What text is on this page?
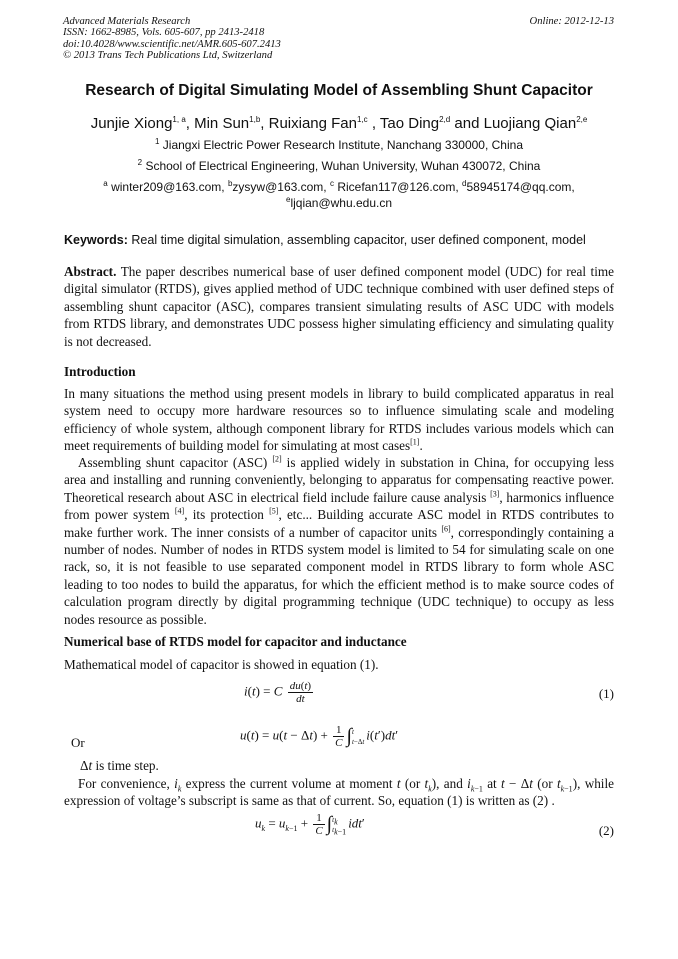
Advanced Materials Research
ISSN: 1662-8985, Vols. 605-607, pp 2413-2418
doi:10.4028/www.scientific.net/AMR.605-607.2413
© 2013 Trans Tech Publications Ltd, Switzerland
Online: 2012-12-13
Research of Digital Simulating Model of Assembling Shunt Capacitor
Junjie Xiong$^{1, a}$, Min Sun$^{1,b}$, Ruixiang Fan$^{1,c}$ , Tao Ding$^{2,d}$ and Luojiang Qian$^{2,e}$
$^1$ Jiangxi Electric Power Research Institute, Nanchang 330000, China
$^2$ School of Electrical Engineering, Wuhan University, Wuhan 430072, China
$^a$ winter209@163.com, $^b$zysyw@163.com, $^c$ Ricefan117@126.com, $^d$58945174@qq.com,
$^e$ljqian@whu.edu.cn
Keywords: Real time digital simulation, assembling capacitor, user defined component, model
Abstract. The paper describes numerical base of user defined component model (UDC) for real time digital simulator (RTDS), gives applied method of UDC technique combined with user defined steps of assembling shunt capacitor (ASC), compares transient simulating results of ASC UDC with models from RTDS library, and demonstrates UDC possess higher simulating efficiency and simulating quality is not decreased.
Introduction
In many situations the method using present models in library to build complicated apparatus in real system need to occupy more hardware resources so to influence simulating scale and modeling efficiency of whole system, although component library for RTDS includes various models which can meet requirements of building model for simulating at most cases[1].
Assembling shunt capacitor (ASC) [2] is applied widely in substation in China, for occupying less area and installing and running conveniently, belonging to apparatus for compensating reactive power. Theoretical research about ASC in electrical field include failure cause analysis [3], harmonics influence from power system [4], its protection [5], etc... Building accurate ASC model in RTDS contributes to make further work. The inner consists of a number of capacitor units [6], correspondingly containing a number of nodes. Number of nodes in RTDS system model is limited to 54 for simulating scale on one rack, so, it is not feasible to use separated component model in RTDS library to form whole ASC leading to too nodes to build the apparatus, for which the efficient method is to make source codes of calculation program directly by digital programming technique (UDC technique) to occupy as less nodes resource as possible.
Numerical base of RTDS model for capacitor and inductance
Mathematical model of capacitor is showed in equation (1).
i(t) = C $\frac{du(t)}{dt}$	(1)
Or
$u(t) = u(t - \Delta t) + \frac{1}{C} \int t$
t−Δt i(t′)dt′
Δt is time step.
For convenience, $i_k$ express the current volume at moment t (or $t_k$), and $i_{k-1}$ at t − Δt (or $t_{k-1}$), while expression of voltage’s subscript is same as that of current. So, equation (1) is written as (2) .
$u_k = u_{k-1} + \frac{1}{C} \int t_k$
$t_{k-1}idt'$
(2)
